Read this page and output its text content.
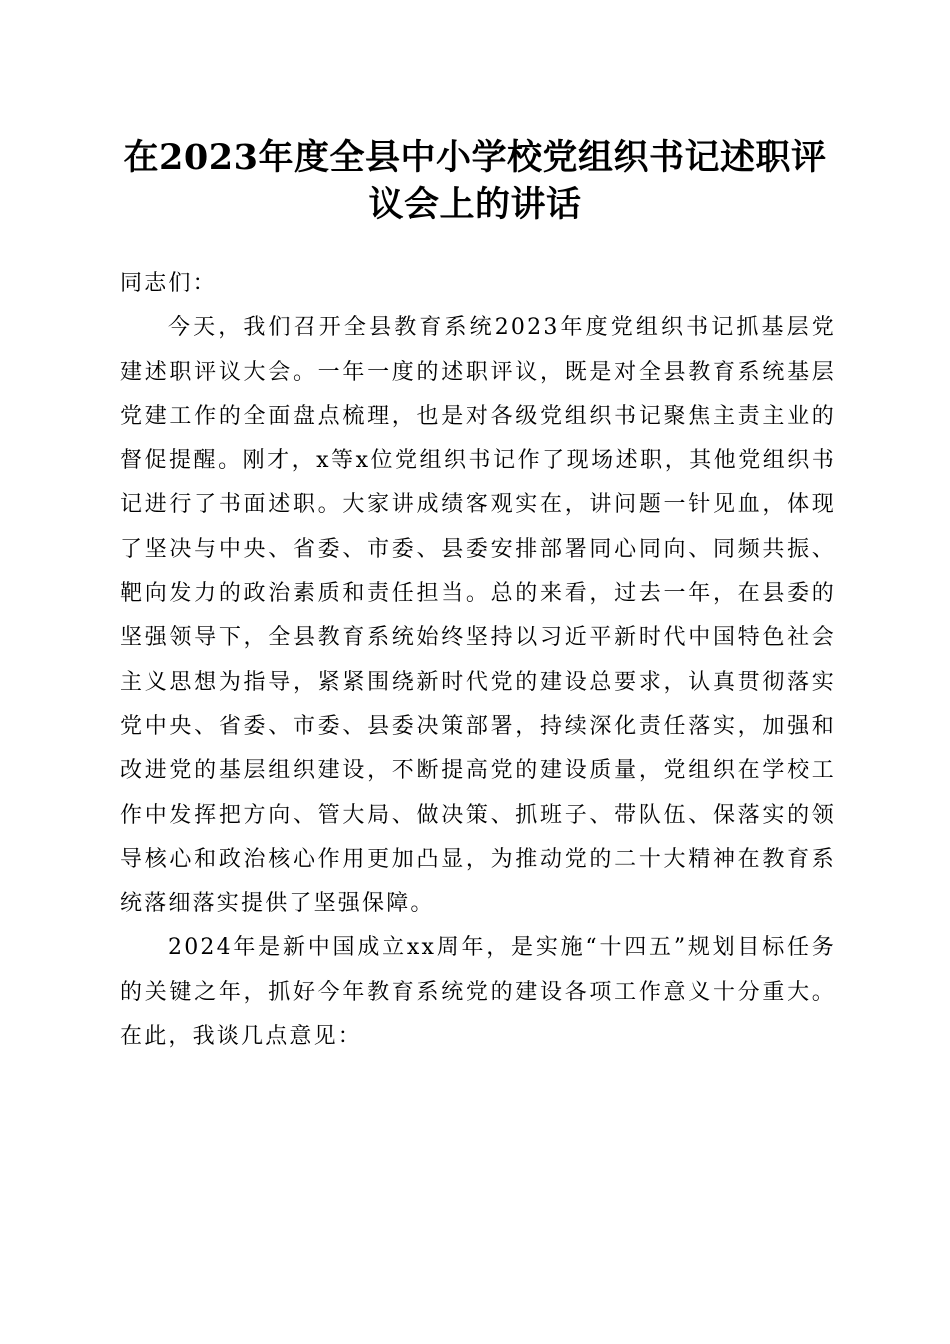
在2023年度全县中小学校党组织书记述职评议会上的讲话

同志们：

今天，我们召开全县教育系统2023年度党组织书记抓基层党建述职评议大会。一年一度的述职评议，既是对全县教育系统基层党建工作的全面盘点梳理，也是对各级党组织书记聚焦主责主业的督促提醒。刚才，x等x位党组织书记作了现场述职，其他党组织书记进行了书面述职。大家讲成绩客观实在，讲问题一针见血，体现了坚决与中央、省委、市委、县委安排部署同心同向、同频共振、靶向发力的政治素质和责任担当。总的来看，过去一年，在县委的坚强领导下，全县教育系统始终坚持以习近平新时代中国特色社会主义思想为指导，紧紧围绕新时代党的建设总要求，认真贯彻落实党中央、省委、市委、县委决策部署，持续深化责任落实，加强和改进党的基层组织建设，不断提高党的建设质量，党组织在学校工作中发挥把方向、管大局、做决策、抓班子、带队伍、保落实的领导核心和政治核心作用更加凸显，为推动党的二十大精神在教育系统落细落实提供了坚强保障。

2024年是新中国成立xx周年，是实施“十四五”规划目标任务的关键之年，抓好今年教育系统党的建设各项工作意义十分重大。在此，我谈几点意见：
